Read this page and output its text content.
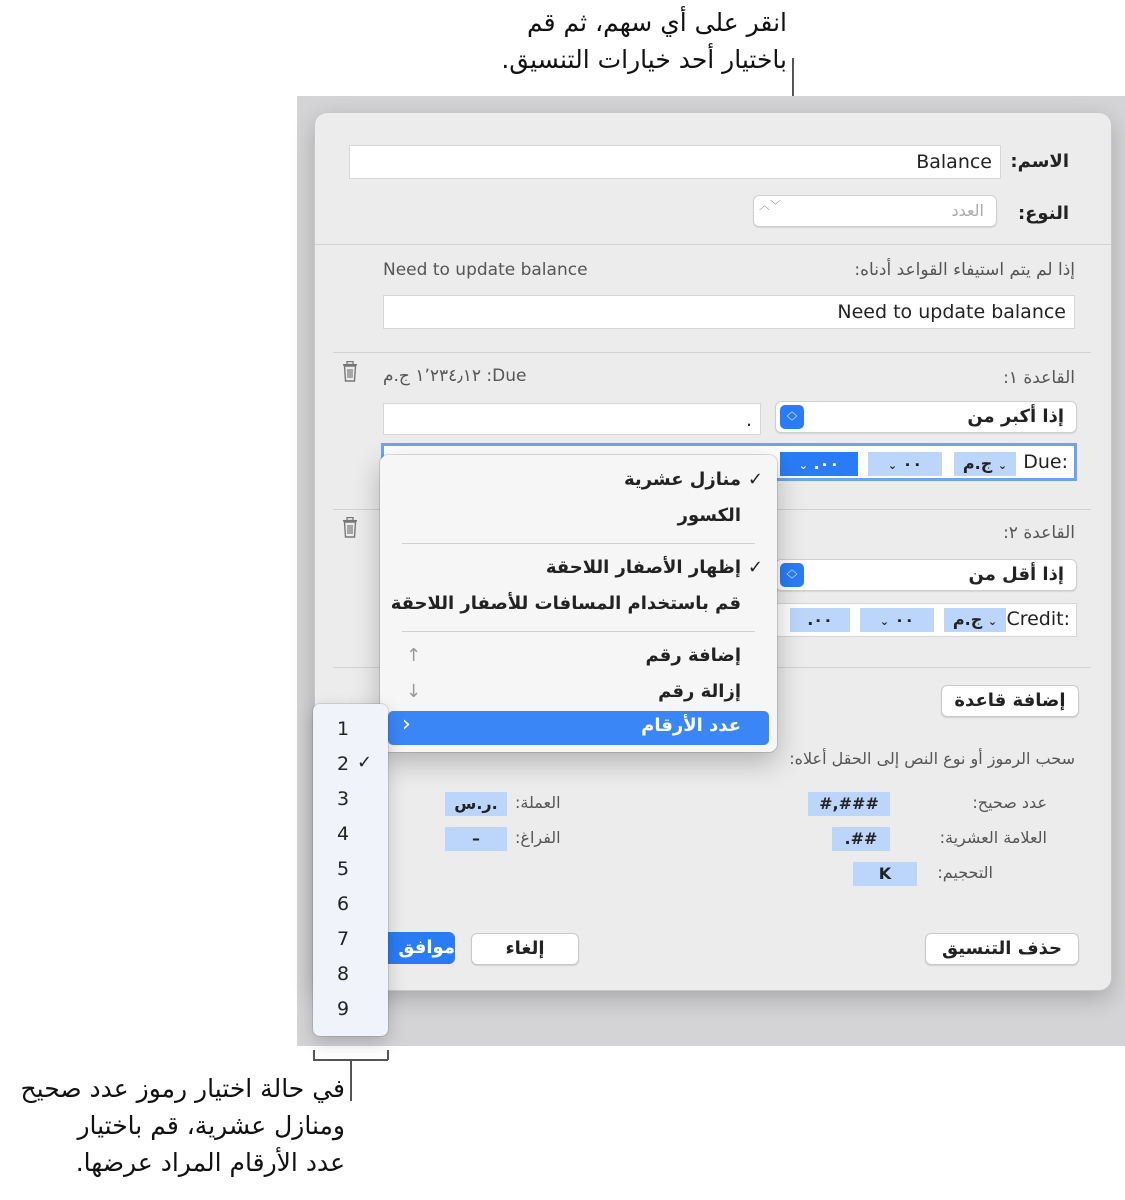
انقر على أي سهم، ثم قم
باختيار أحد خيارات التنسيق.
الاسم:
Balance
النوع:
العدد
︿﹀
إذا لم يتم استيفاء القواعد أدناه:
Need to update balance
Need to update balance
القاعدة ١:
Due: ١٬٢٣٤٫١٢ ج.م
إذا أكبر من
︿
﹀
.
Due:
ج.م ⌄
⌄ ٠٠
⌄ .٠٠
القاعدة ٢:
إذا أقل من
︿
﹀
Credit:
ج.م ⌄
⌄ ٠٠
.٠٠
إضافة قاعدة
سحب الرموز أو نوع النص إلى الحقل أعلاه:
عدد صحيح:
#,###
العلامة العشرية:
.##
التحجيم:
K
العملة:
ر.س.
الفراغ:
–
حذف التنسيق
إلغاء
موافق
✓
منازل عشرية
الكسور
✓
إظهار الأصفار اللاحقة
قم باستخدام المسافات للأصفار اللاحقة
إضافة رقم
↑
إزالة رقم
↓
عدد الأرقام
‹
1
2 ✓
3
4
5
6
7
8
9
في حالة اختيار رموز عدد صحيح
ومنازل عشرية، قم باختيار
عدد الأرقام المراد عرضها.
